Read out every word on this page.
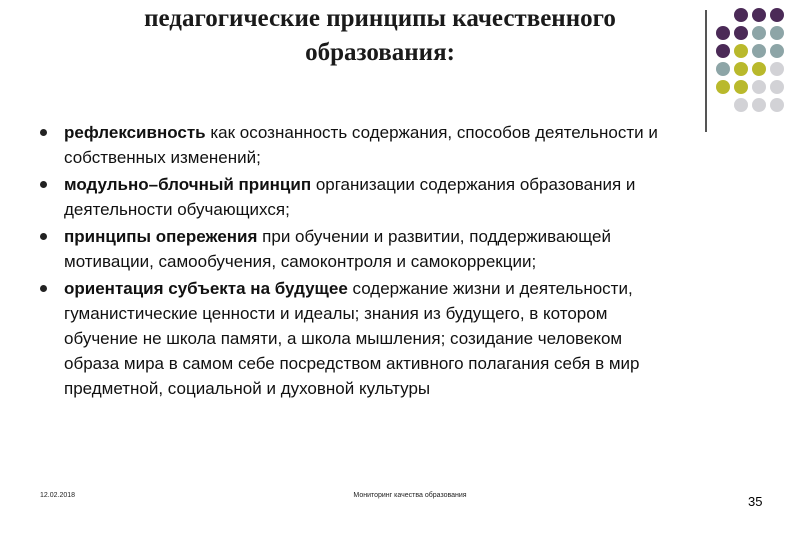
педагогические принципы качественного
образования:
рефлексивность как осознанность содержания, способов деятельности и собственных изменений;
модульно–блочный принцип организации содержания образования и деятельности обучающихся;
принципы опережения при обучении и развитии, поддерживающей мотивации, самообучения, самоконтроля и самокоррекции;
ориентация субъекта на будущее содержание жизни и деятельности, гуманистические ценности и идеалы; знания из будущего, в котором обучение не школа памяти, а школа мышления; созидание человеком образа мира в самом себе посредством активного полагания себя в мир предметной, социальной и духовной культуры
12.02.2018	Мониторинг качества образования	35
